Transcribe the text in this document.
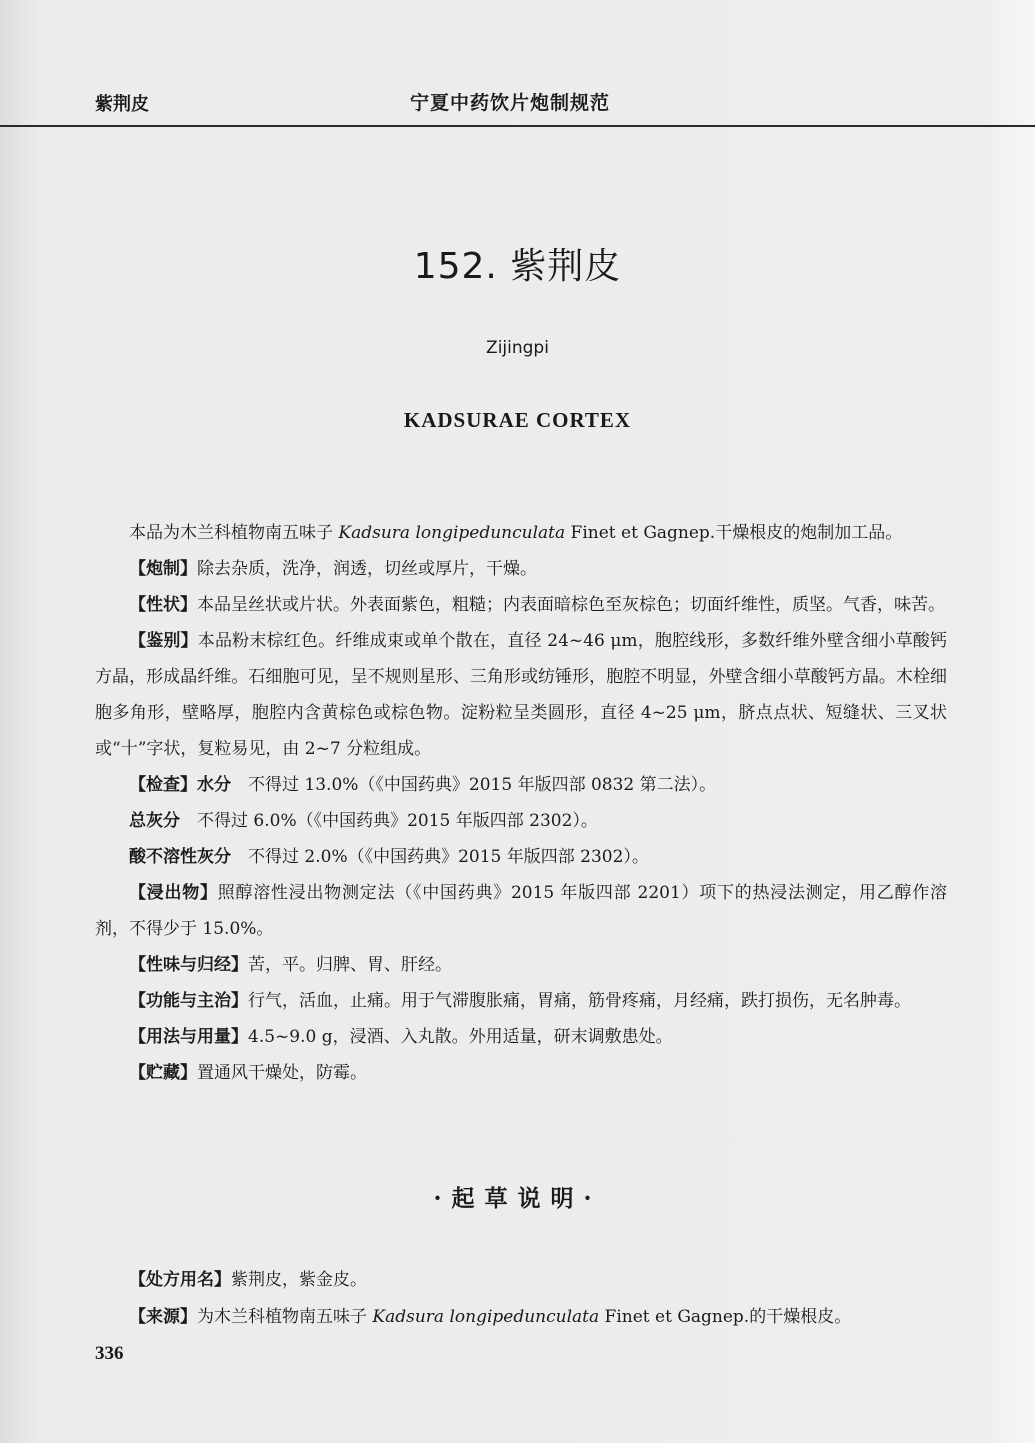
紫荆皮	宁夏中药饮片炮制规范
152. 紫荆皮
Zijingpi
KADSURAE CORTEX

本品为木兰科植物南五味子 Kadsura longipedunculata Finet et Gagnep.干燥根皮的炮制加工品。

【炮制】除去杂质，洗净，润透，切丝或厚片，干燥。

【性状】本品呈丝状或片状。外表面紫色，粗糙；内表面暗棕色至灰棕色；切面纤维性，质坚。气香，味苦。

【鉴别】本品粉末棕红色。纤维成束或单个散在，直径 24~46 μm，胞腔线形，多数纤维外壁含细小草酸钙方晶，形成晶纤维。石细胞可见，呈不规则星形、三角形或纺锤形，胞腔不明显，外壁含细小草酸钙方晶。木栓细胞多角形，壁略厚，胞腔内含黄棕色或棕色物。淀粉粒呈类圆形，直径 4~25 μm，脐点点状、短缝状、三叉状或“十”字状，复粒易见，由 2~7 分粒组成。

【检查】水分　不得过 13.0%（《中国药典》2015 年版四部 0832 第二法）。

总灰分　不得过 6.0%（《中国药典》2015 年版四部 2302）。

酸不溶性灰分　不得过 2.0%（《中国药典》2015 年版四部 2302）。

【浸出物】照醇溶性浸出物测定法（《中国药典》2015 年版四部 2201）项下的热浸法测定，用乙醇作溶剂，不得少于 15.0%。

【性味与归经】苦，平。归脾、胃、肝经。

【功能与主治】行气，活血，止痛。用于气滞腹胀痛，胃痛，筋骨疼痛，月经痛，跌打损伤，无名肿毒。

【用法与用量】4.5~9.0 g，浸酒、入丸散。外用适量，研末调敷患处。

【贮藏】置通风干燥处，防霉。

·起草说明·

【处方用名】紫荆皮，紫金皮。

【来源】为木兰科植物南五味子 Kadsura longipedunculata Finet et Gagnep.的干燥根皮。

336
